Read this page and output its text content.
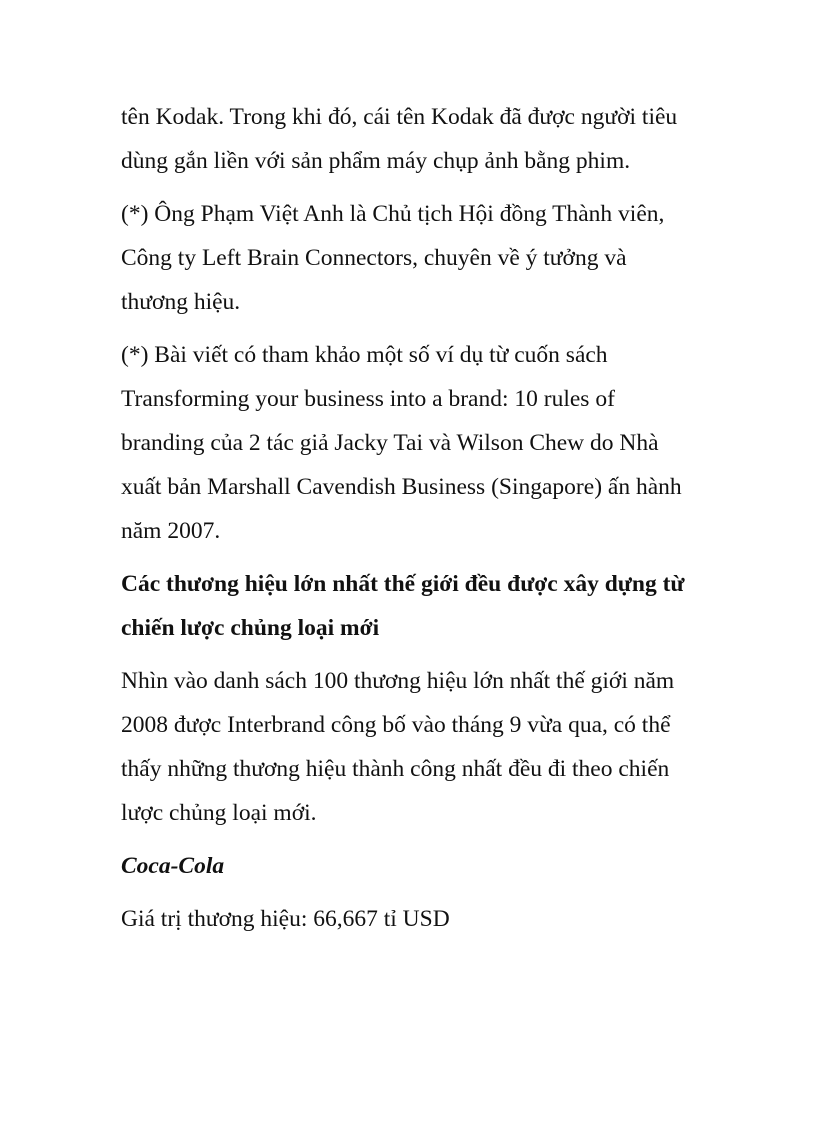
tên Kodak. Trong khi đó, cái tên Kodak đã được người tiêu

dùng gắn liền với sản phẩm máy chụp ảnh bằng phim.

(*) Ông Phạm Việt Anh là Chủ tịch Hội đồng Thành viên,

Công ty Left Brain Connectors, chuyên về ý tưởng và

thương hiệu.

(*) Bài viết có tham khảo một số ví dụ từ cuốn sách

Transforming your business into a brand: 10 rules of

branding của 2 tác giả Jacky Tai và Wilson Chew do Nhà

xuất bản Marshall Cavendish Business (Singapore) ấn hành

năm 2007.

Các thương hiệu lớn nhất thế giới đều được xây dựng từ

chiến lược chủng loại mới

Nhìn vào danh sách 100 thương hiệu lớn nhất thế giới năm

2008 được Interbrand công bố vào tháng 9 vừa qua, có thể

thấy những thương hiệu thành công nhất đều đi theo chiến

lược chủng loại mới.

Coca-Cola

Giá trị thương hiệu: 66,667 tỉ USD
